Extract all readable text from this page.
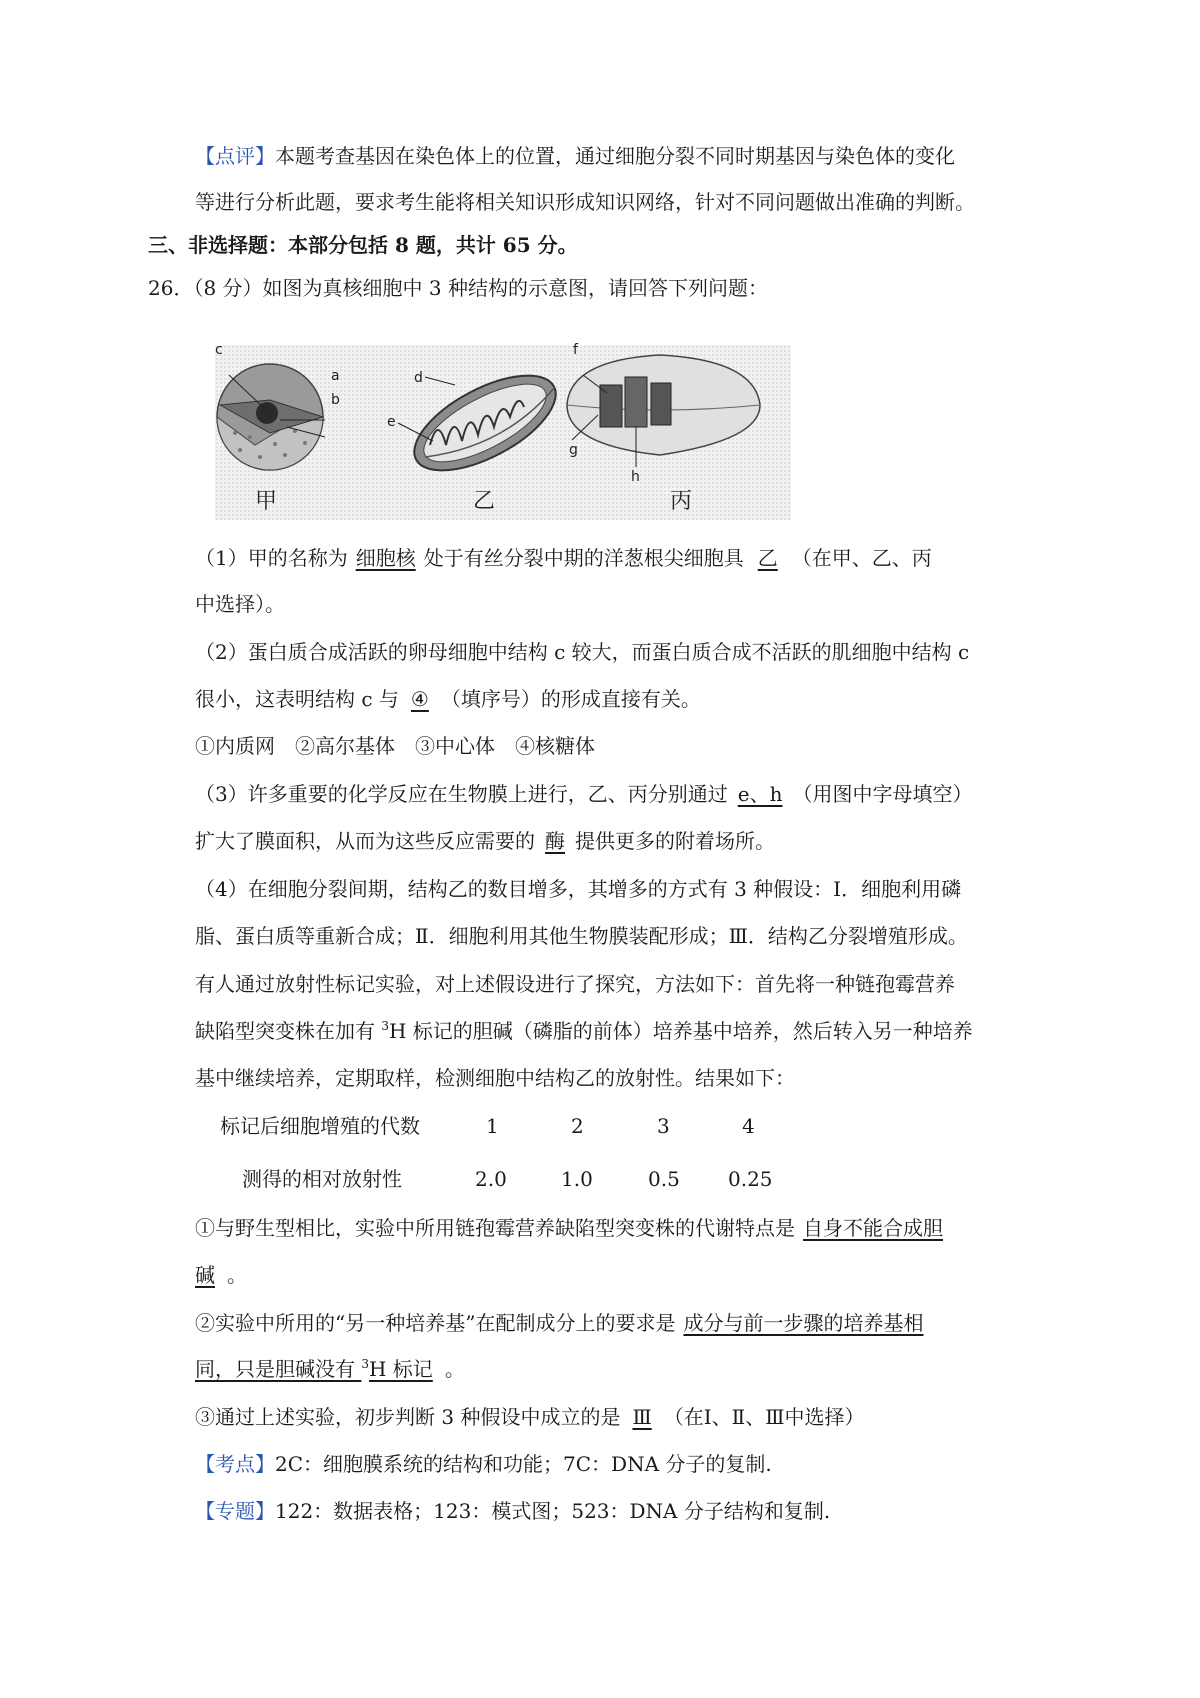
【点评】本题考查基因在染色体上的位置，通过细胞分裂不同时期基因与染色体的变化
等进行分析此题，要求考生能将相关知识形成知识网络，针对不同问题做出准确的判断。
三、非选择题：本部分包括 8 题，共计 65 分。
26．（8 分）如图为真核细胞中 3 种结构的示意图，请回答下列问题：
c
a
b
d
e
f
g
h
甲	乙	丙
（1）甲的名称为 细胞核 处于有丝分裂中期的洋葱根尖细胞具 乙 （在甲、乙、丙
中选择）。
（2）蛋白质合成活跃的卵母细胞中结构 c 较大，而蛋白质合成不活跃的肌细胞中结构 c
很小，这表明结构 c 与 ④ （填序号）的形成直接有关。
①内质网　②高尔基体　③中心体　④核糖体
（3）许多重要的化学反应在生物膜上进行，乙、丙分别通过 e、h （用图中字母填空）
扩大了膜面积，从而为这些反应需要的 酶 提供更多的附着场所。
（4）在细胞分裂间期，结构乙的数目增多，其增多的方式有 3 种假设：Ⅰ．细胞利用磷
脂、蛋白质等重新合成；Ⅱ．细胞利用其他生物膜装配形成；Ⅲ．结构乙分裂增殖形成。
有人通过放射性标记实验，对上述假设进行了探究，方法如下：首先将一种链孢霉营养
缺陷型突变株在加有 $^3$H 标记的胆碱（磷脂的前体）培养基中培养，然后转入另一种培养
基中继续培养，定期取样，检测细胞中结构乙的放射性。结果如下：
标记后细胞增殖的代数	1	2	3	4
测得的相对放射性	2.0	1.0	0.5 0.25
①与野生型相比，实验中所用链孢霉营养缺陷型突变株的代谢特点是 自身不能合成胆
碱 。
②实验中所用的“另一种培养基”在配制成分上的要求是 成分与前一步骤的培养基相
同，只是胆碱没有 $^3$H 标记 。
③通过上述实验，初步判断 3 种假设中成立的是 Ⅲ （在Ⅰ、Ⅱ、Ⅲ中选择）
【考点】2C：细胞膜系统的结构和功能；7C：DNA 分子的复制.
【专题】122：数据表格；123：模式图；523：DNA 分子结构和复制.
